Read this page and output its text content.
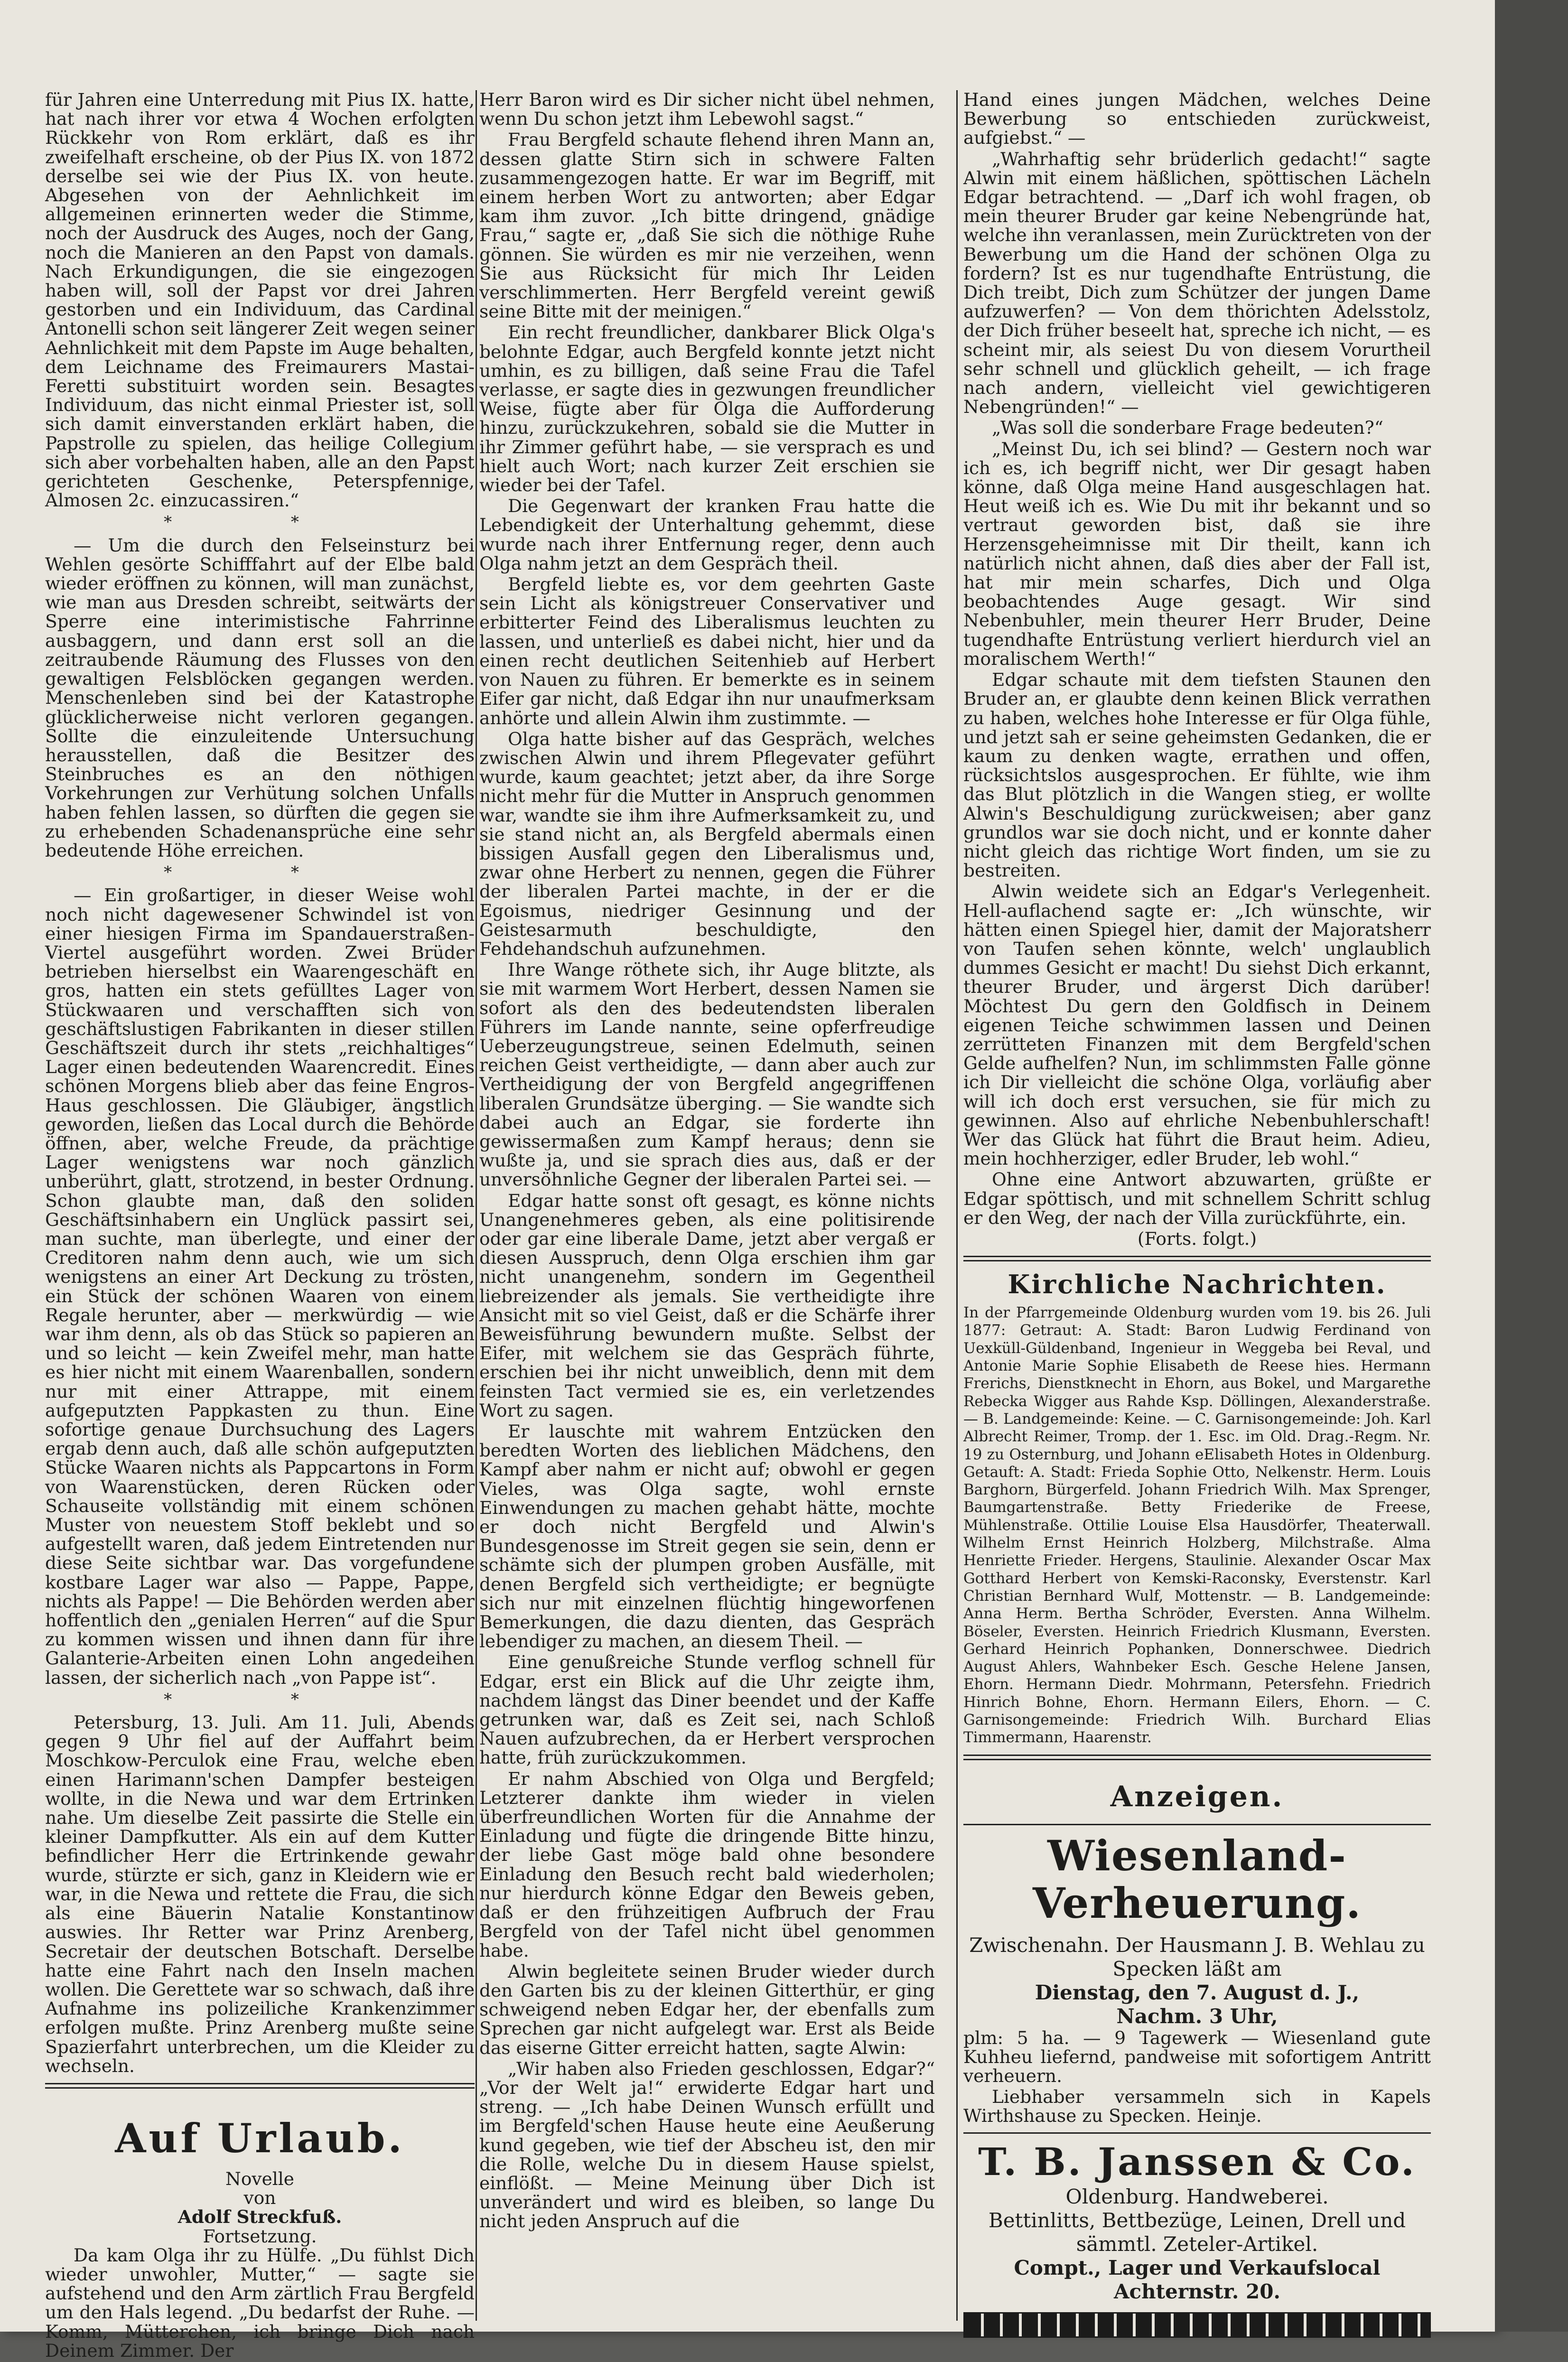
für Jahren eine Unterredung mit Pius IX. hatte, hat nach ihrer vor etwa 4 Wochen erfolgten Rückkehr von Rom erklärt, daß es ihr zweifelhaft erscheine, ob der Pius IX. von 1872 derselbe sei wie der Pius IX. von heute. Abgesehen von der Aehnlichkeit im allgemeinen erinnerten weder die Stimme, noch der Ausdruck des Auges, noch der Gang, noch die Manieren an den Papst von damals. Nach Erkundigungen, die sie eingezogen haben will, soll der Papst vor drei Jahren gestorben und ein Individuum, das Cardinal Antonelli schon seit längerer Zeit wegen seiner Aehnlichkeit mit dem Papste im Auge behalten, dem Leichname des Freimaurers Mastai-Feretti substituirt worden sein. Besagtes Individuum, das nicht einmal Priester ist, soll sich damit einverstanden erklärt haben, die Papstrolle zu spielen, das heilige Collegium sich aber vorbehalten haben, alle an den Papst gerichteten Geschenke, Peterspfennige, Almosen 2c. einzucassiren.“

* *

— Um die durch den Felseinsturz bei Wehlen gesörte Schifffahrt auf der Elbe bald wieder eröffnen zu können, will man zunächst, wie man aus Dresden schreibt, seitwärts der Sperre eine interimistische Fahrrinne ausbaggern, und dann erst soll an die zeitraubende Räumung des Flusses von den gewaltigen Felsblöcken gegangen werden. Menschenleben sind bei der Katastrophe glücklicherweise nicht verloren gegangen. Sollte die einzuleitende Untersuchung herausstellen, daß die Besitzer des Steinbruches es an den nöthigen Vorkehrungen zur Verhütung solchen Unfalls haben fehlen lassen, so dürften die gegen sie zu erhebenden Schadenansprüche eine sehr bedeutende Höhe erreichen.

* *

— Ein großartiger, in dieser Weise wohl noch nicht dagewesener Schwindel ist von einer hiesigen Firma im Spandauerstraßen-Viertel ausgeführt worden. Zwei Brüder betrieben hierselbst ein Waarengeschäft en gros, hatten ein stets gefülltes Lager von Stückwaaren und verschafften sich von geschäftslustigen Fabrikanten in dieser stillen Geschäftszeit durch ihr stets „reichhaltiges“ Lager einen bedeutenden Waarencredit. Eines schönen Morgens blieb aber das feine Engros-Haus geschlossen. Die Gläubiger, ängstlich geworden, ließen das Local durch die Behörde öffnen, aber, welche Freude, da prächtige Lager wenigstens war noch gänzlich unberührt, glatt, strotzend, in bester Ordnung. Schon glaubte man, daß den soliden Geschäftsinhabern ein Unglück passirt sei, man suchte, man überlegte, und einer der Creditoren nahm denn auch, wie um sich wenigstens an einer Art Deckung zu trösten, ein Stück der schönen Waaren von einem Regale herunter, aber — merkwürdig — wie war ihm denn, als ob das Stück so papieren an und so leicht — kein Zweifel mehr, man hatte es hier nicht mit einem Waarenballen, sondern nur mit einer Attrappe, mit einem aufgeputzten Pappkasten zu thun. Eine sofortige genaue Durchsuchung des Lagers ergab denn auch, daß alle schön aufgeputzten Stücke Waaren nichts als Pappcartons in Form von Waarenstücken, deren Rücken oder Schauseite vollständig mit einem schönen Muster von neuestem Stoff beklebt und so aufgestellt waren, daß jedem Eintretenden nur diese Seite sichtbar war. Das vorgefundene kostbare Lager war also — Pappe, Pappe, nichts als Pappe! — Die Behörden werden aber hoffentlich den „genialen Herren“ auf die Spur zu kommen wissen und ihnen dann für ihre Galanterie-Arbeiten einen Lohn angedeihen lassen, der sicherlich nach „von Pappe ist“.

* *

Petersburg, 13. Juli. Am 11. Juli, Abends gegen 9 Uhr fiel auf der Auffahrt beim Moschkow-Perculok eine Frau, welche eben einen Harimann'schen Dampfer besteigen wollte, in die Newa und war dem Ertrinken nahe. Um dieselbe Zeit passirte die Stelle ein kleiner Dampfkutter. Als ein auf dem Kutter befindlicher Herr die Ertrinkende gewahr wurde, stürzte er sich, ganz in Kleidern wie er war, in die Newa und rettete die Frau, die sich als eine Bäuerin Natalie Konstantinow auswies. Ihr Retter war Prinz Arenberg, Secretair der deutschen Botschaft. Derselbe hatte eine Fahrt nach den Inseln machen wollen. Die Gerettete war so schwach, daß ihre Aufnahme ins polizeiliche Krankenzimmer erfolgen mußte. Prinz Arenberg mußte seine Spazierfahrt unterbrechen, um die Kleider zu wechseln.

Auf Urlaub.
Novelle
von
Adolf Streckfuß.
Fortsetzung.

Da kam Olga ihr zu Hülfe. „Du fühlst Dich wieder unwohler, Mutter,“ — sagte sie aufstehend und den Arm zärtlich Frau Bergfeld um den Hals legend. „Du bedarfst der Ruhe. — Komm, Mütterchen, ich bringe Dich nach Deinem Zimmer. Der

Herr Baron wird es Dir sicher nicht übel nehmen, wenn Du schon jetzt ihm Lebewohl sagst.“

Frau Bergfeld schaute flehend ihren Mann an, dessen glatte Stirn sich in schwere Falten zusammengezogen hatte. Er war im Begriff, mit einem herben Wort zu antworten; aber Edgar kam ihm zuvor. „Ich bitte dringend, gnädige Frau,“ sagte er, „daß Sie sich die nöthige Ruhe gönnen. Sie würden es mir nie verzeihen, wenn Sie aus Rücksicht für mich Ihr Leiden verschlimmerten. Herr Bergfeld vereint gewiß seine Bitte mit der meinigen.“

Ein recht freundlicher, dankbarer Blick Olga's belohnte Edgar, auch Bergfeld konnte jetzt nicht umhin, es zu billigen, daß seine Frau die Tafel verlasse, er sagte dies in gezwungen freundlicher Weise, fügte aber für Olga die Aufforderung hinzu, zurückzukehren, sobald sie die Mutter in ihr Zimmer geführt habe, — sie versprach es und hielt auch Wort; nach kurzer Zeit erschien sie wieder bei der Tafel.

Die Gegenwart der kranken Frau hatte die Lebendigkeit der Unterhaltung gehemmt, diese wurde nach ihrer Entfernung reger, denn auch Olga nahm jetzt an dem Gespräch theil.

Bergfeld liebte es, vor dem geehrten Gaste sein Licht als königstreuer Conservativer und erbitterter Feind des Liberalismus leuchten zu lassen, und unterließ es dabei nicht, hier und da einen recht deutlichen Seitenhieb auf Herbert von Nauen zu führen. Er bemerkte es in seinem Eifer gar nicht, daß Edgar ihn nur unaufmerksam anhörte und allein Alwin ihm zustimmte. —

Olga hatte bisher auf das Gespräch, welches zwischen Alwin und ihrem Pflegevater geführt wurde, kaum geachtet; jetzt aber, da ihre Sorge nicht mehr für die Mutter in Anspruch genommen war, wandte sie ihm ihre Aufmerksamkeit zu, und sie stand nicht an, als Bergfeld abermals einen bissigen Ausfall gegen den Liberalismus und, zwar ohne Herbert zu nennen, gegen die Führer der liberalen Partei machte, in der er die Egoismus, niedriger Gesinnung und der Geistesarmuth beschuldigte, den Fehdehandschuh aufzunehmen.

Ihre Wange röthete sich, ihr Auge blitzte, als sie mit warmem Wort Herbert, dessen Namen sie sofort als den des bedeutendsten liberalen Führers im Lande nannte, seine opferfreudige Ueberzeugungstreue, seinen Edelmuth, seinen reichen Geist vertheidigte, — dann aber auch zur Vertheidigung der von Bergfeld angegriffenen liberalen Grundsätze überging. — Sie wandte sich dabei auch an Edgar, sie forderte ihn gewissermaßen zum Kampf heraus; denn sie wußte ja, und sie sprach dies aus, daß er der unversöhnliche Gegner der liberalen Partei sei. —

Edgar hatte sonst oft gesagt, es könne nichts Unangenehmeres geben, als eine politisirende oder gar eine liberale Dame, jetzt aber vergaß er diesen Ausspruch, denn Olga erschien ihm gar nicht unangenehm, sondern im Gegentheil liebreizender als jemals. Sie vertheidigte ihre Ansicht mit so viel Geist, daß er die Schärfe ihrer Beweisführung bewundern mußte. Selbst der Eifer, mit welchem sie das Gespräch führte, erschien bei ihr nicht unweiblich, denn mit dem feinsten Tact vermied sie es, ein verletzendes Wort zu sagen.

Er lauschte mit wahrem Entzücken den beredten Worten des lieblichen Mädchens, den Kampf aber nahm er nicht auf; obwohl er gegen Vieles, was Olga sagte, wohl ernste Einwendungen zu machen gehabt hätte, mochte er doch nicht Bergfeld und Alwin's Bundesgenosse im Streit gegen sie sein, denn er schämte sich der plumpen groben Ausfälle, mit denen Bergfeld sich vertheidigte; er begnügte sich nur mit einzelnen flüchtig hingeworfenen Bemerkungen, die dazu dienten, das Gespräch lebendiger zu machen, an diesem Theil. —

Eine genußreiche Stunde verflog schnell für Edgar, erst ein Blick auf die Uhr zeigte ihm, nachdem längst das Diner beendet und der Kaffe getrunken war, daß es Zeit sei, nach Schloß Nauen aufzubrechen, da er Herbert versprochen hatte, früh zurückzukommen.

Er nahm Abschied von Olga und Bergfeld; Letzterer dankte ihm wieder in vielen überfreundlichen Worten für die Annahme der Einladung und fügte die dringende Bitte hinzu, der liebe Gast möge bald ohne besondere Einladung den Besuch recht bald wiederholen; nur hierdurch könne Edgar den Beweis geben, daß er den frühzeitigen Aufbruch der Frau Bergfeld von der Tafel nicht übel genommen habe.

Alwin begleitete seinen Bruder wieder durch den Garten bis zu der kleinen Gitterthür, er ging schweigend neben Edgar her, der ebenfalls zum Sprechen gar nicht aufgelegt war. Erst als Beide das eiserne Gitter erreicht hatten, sagte Alwin:

„Wir haben also Frieden geschlossen, Edgar?“ „Vor der Welt ja!“ erwiderte Edgar hart und streng. — „Ich habe Deinen Wunsch erfüllt und im Bergfeld'schen Hause heute eine Aeußerung kund gegeben, wie tief der Abscheu ist, den mir die Rolle, welche Du in diesem Hause spielst, einflößt. — Meine Meinung über Dich ist unverändert und wird es bleiben, so lange Du nicht jeden Anspruch auf die

Hand eines jungen Mädchen, welches Deine Bewerbung so entschieden zurückweist, aufgiebst.“ —

„Wahrhaftig sehr brüderlich gedacht!“ sagte Alwin mit einem häßlichen, spöttischen Lächeln Edgar betrachtend. — „Darf ich wohl fragen, ob mein theurer Bruder gar keine Nebengründe hat, welche ihn veranlassen, mein Zurücktreten von der Bewerbung um die Hand der schönen Olga zu fordern? Ist es nur tugendhafte Entrüstung, die Dich treibt, Dich zum Schützer der jungen Dame aufzuwerfen? — Von dem thörichten Adelsstolz, der Dich früher beseelt hat, spreche ich nicht, — es scheint mir, als seiest Du von diesem Vorurtheil sehr schnell und glücklich geheilt, — ich frage nach andern, vielleicht viel gewichtigeren Nebengründen!“ —

„Was soll die sonderbare Frage bedeuten?“

„Meinst Du, ich sei blind? — Gestern noch war ich es, ich begriff nicht, wer Dir gesagt haben könne, daß Olga meine Hand ausgeschlagen hat. Heut weiß ich es. Wie Du mit ihr bekannt und so vertraut geworden bist, daß sie ihre Herzensgeheimnisse mit Dir theilt, kann ich natürlich nicht ahnen, daß dies aber der Fall ist, hat mir mein scharfes, Dich und Olga beobachtendes Auge gesagt. Wir sind Nebenbuhler, mein theurer Herr Bruder, Deine tugendhafte Entrüstung verliert hierdurch viel an moralischem Werth!“

Edgar schaute mit dem tiefsten Staunen den Bruder an, er glaubte denn keinen Blick verrathen zu haben, welches hohe Interesse er für Olga fühle, und jetzt sah er seine geheimsten Gedanken, die er kaum zu denken wagte, errathen und offen, rücksichtslos ausgesprochen. Er fühlte, wie ihm das Blut plötzlich in die Wangen stieg, er wollte Alwin's Beschuldigung zurückweisen; aber ganz grundlos war sie doch nicht, und er konnte daher nicht gleich das richtige Wort finden, um sie zu bestreiten.

Alwin weidete sich an Edgar's Verlegenheit. Hell-auflachend sagte er: „Ich wünschte, wir hätten einen Spiegel hier, damit der Majoratsherr von Taufen sehen könnte, welch' unglaublich dummes Gesicht er macht! Du siehst Dich erkannt, theurer Bruder, und ärgerst Dich darüber! Möchtest Du gern den Goldfisch in Deinem eigenen Teiche schwimmen lassen und Deinen zerrütteten Finanzen mit dem Bergfeld'schen Gelde aufhelfen? Nun, im schlimmsten Falle gönne ich Dir vielleicht die schöne Olga, vorläufig aber will ich doch erst versuchen, sie für mich zu gewinnen. Also auf ehrliche Nebenbuhlerschaft! Wer das Glück hat führt die Braut heim. Adieu, mein hochherziger, edler Bruder, leb wohl.“

Ohne eine Antwort abzuwarten, grüßte er Edgar spöttisch, und mit schnellem Schritt schlug er den Weg, der nach der Villa zurückführte, ein.

(Forts. folgt.)
Kirchliche Nachrichten.

In der Pfarrgemeinde Oldenburg wurden vom 19. bis 26. Juli 1877: Getraut: A. Stadt: Baron Ludwig Ferdinand von Uexküll-Güldenband, Ingenieur in Weggeba bei Reval, und Antonie Marie Sophie Elisabeth de Reese hies. Hermann Frerichs, Dienstknecht in Ehorn, aus Bokel, und Margarethe Rebecka Wigger aus Rahde Ksp. Döllingen, Alexanderstraße. — B. Landgemeinde: Keine. — C. Garnisongemeinde: Joh. Karl Albrecht Reimer, Tromp. der 1. Esc. im Old. Drag.-Regm. Nr. 19 zu Osternburg, und Johann eElisabeth Hotes in Oldenburg. Getauft: A. Stadt: Frieda Sophie Otto, Nelkenstr. Herm. Louis Barghorn, Bürgerfeld. Johann Friedrich Wilh. Max Sprenger, Baumgartenstraße. Betty Friederike de Freese, Mühlenstraße. Ottilie Louise Elsa Hausdörfer, Theaterwall. Wilhelm Ernst Heinrich Holzberg, Milchstraße. Alma Henriette Frieder. Hergens, Staulinie. Alexander Oscar Max Gotthard Herbert von Kemski-Raconsky, Everstenstr. Karl Christian Bernhard Wulf, Mottenstr. — B. Landgemeinde: Anna Herm. Bertha Schröder, Eversten. Anna Wilhelm. Böseler, Eversten. Heinrich Friedrich Klusmann, Eversten. Gerhard Heinrich Pophanken, Donnerschwee. Diedrich August Ahlers, Wahnbeker Esch. Gesche Helene Jansen, Ehorn. Hermann Diedr. Mohrmann, Petersfehn. Friedrich Hinrich Bohne, Ehorn. Hermann Eilers, Ehorn. — C. Garnisongemeinde: Friedrich Wilh. Burchard Elias Timmermann, Haarenstr.

Anzeigen.
Wiesenland-Verheuerung.
Zwischenahn. Der Hausmann J. B. Wehlau zu Specken läßt am
Dienstag, den 7. August d. J.,
Nachm. 3 Uhr,

plm: 5 ha. — 9 Tagewerk — Wiesenland gute Kuhheu liefernd, pandweise mit sofortigem Antritt verheuern.

Liebhaber versammeln sich in Kapels Wirthshause zu Specken. Heinje.

T. B. Janssen & Co.
Oldenburg. Handweberei.
Bettinlitts, Bettbezüge, Leinen, Drell und sämmtl. Zeteler-Artikel.
Compt., Lager und Verkaufslocal
Achternstr. 20.
